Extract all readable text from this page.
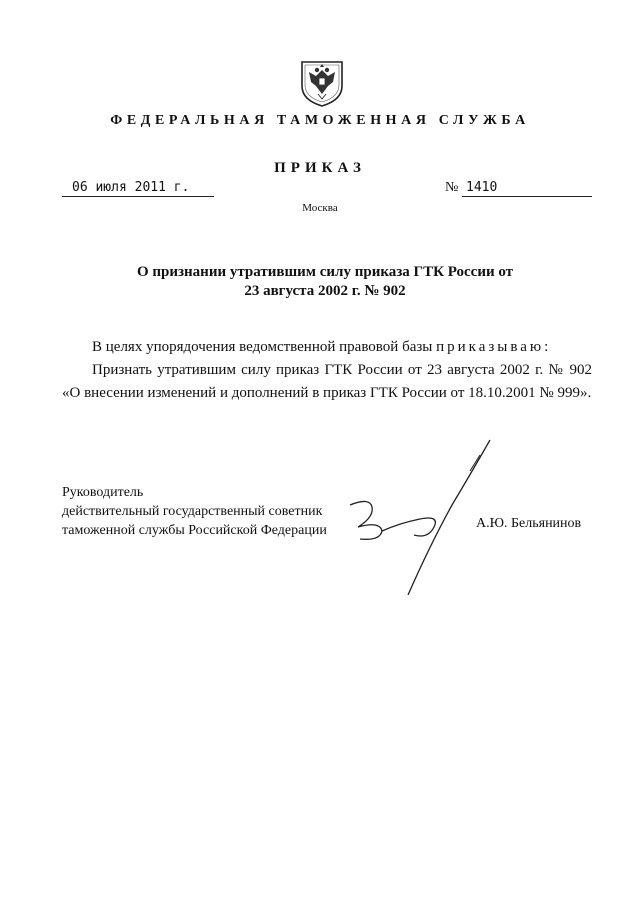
ФЕДЕРАЛЬНАЯ ТАМОЖЕННАЯ СЛУЖБА
ПРИКАЗ
06 июля 2011 г.	№ 1410
Москва
О признании утратившим силу приказа ГТК России от
23 августа 2002 г. № 902

В целях упорядочения ведомственной правовой базы приказываю:

Признать утратившим силу приказ ГТК России от 23 августа 2002 г. № 902

«О внесении изменений и дополнений в приказ ГТК России от 18.10.2001 № 999».

Руководитель
действительный государственный советник
таможенной службы Российской Федерации	А.Ю. Бельянинов
